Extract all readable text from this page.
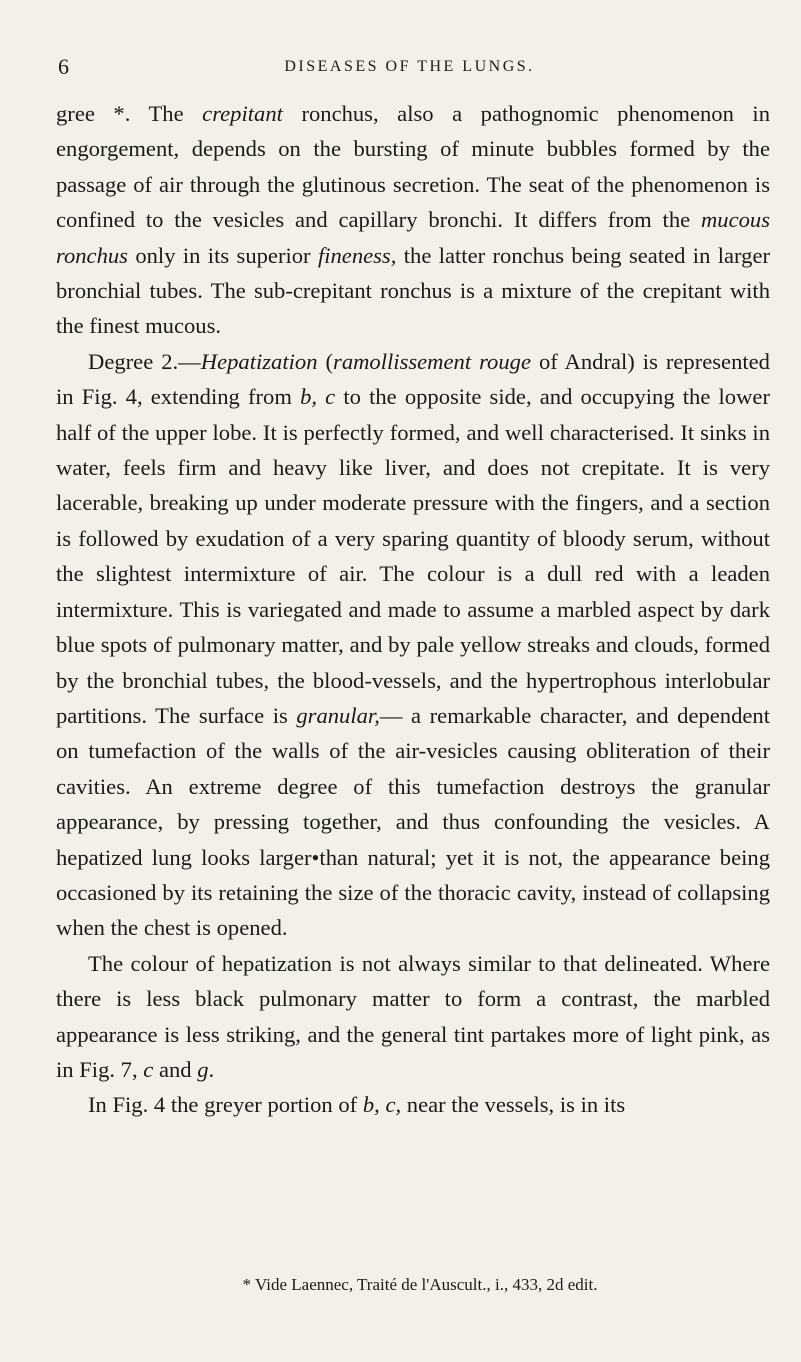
6	DISEASES OF THE LUNGS.

gree *. The crepitant ronchus, also a pathognomic phenomenon in engorgement, depends on the bursting of minute bubbles formed by the passage of air through the glutinous secretion. The seat of the phenomenon is confined to the vesicles and capillary bronchi. It differs from the mucous ronchus only in its superior fineness, the latter ronchus being seated in larger bronchial tubes. The sub-crepitant ronchus is a mixture of the crepitant with the finest mucous.

Degree 2.—Hepatization (ramollissement rouge of Andral) is represented in Fig. 4, extending from b, c to the opposite side, and occupying the lower half of the upper lobe. It is perfectly formed, and well characterised. It sinks in water, feels firm and heavy like liver, and does not crepitate. It is very lacerable, breaking up under moderate pressure with the fingers, and a section is followed by exudation of a very sparing quantity of bloody serum, without the slightest intermixture of air. The colour is a dull red with a leaden intermixture. This is variegated and made to assume a marbled aspect by dark blue spots of pulmonary matter, and by pale yellow streaks and clouds, formed by the bronchial tubes, the blood-vessels, and the hypertrophous interlobular partitions. The surface is granular,— a remarkable character, and dependent on tumefaction of the walls of the air-vesicles causing obliteration of their cavities. An extreme degree of this tumefaction destroys the granular appearance, by pressing together, and thus confounding the vesicles. A hepatized lung looks larger•than natural; yet it is not, the appearance being occasioned by its retaining the size of the thoracic cavity, instead of collapsing when the chest is opened.

The colour of hepatization is not always similar to that delineated. Where there is less black pulmonary matter to form a contrast, the marbled appearance is less striking, and the general tint partakes more of light pink, as in Fig. 7, c and g.

In Fig. 4 the greyer portion of b, c, near the vessels, is in its

* Vide Laennec, Traité de l'Auscult., i., 433, 2d edit.
